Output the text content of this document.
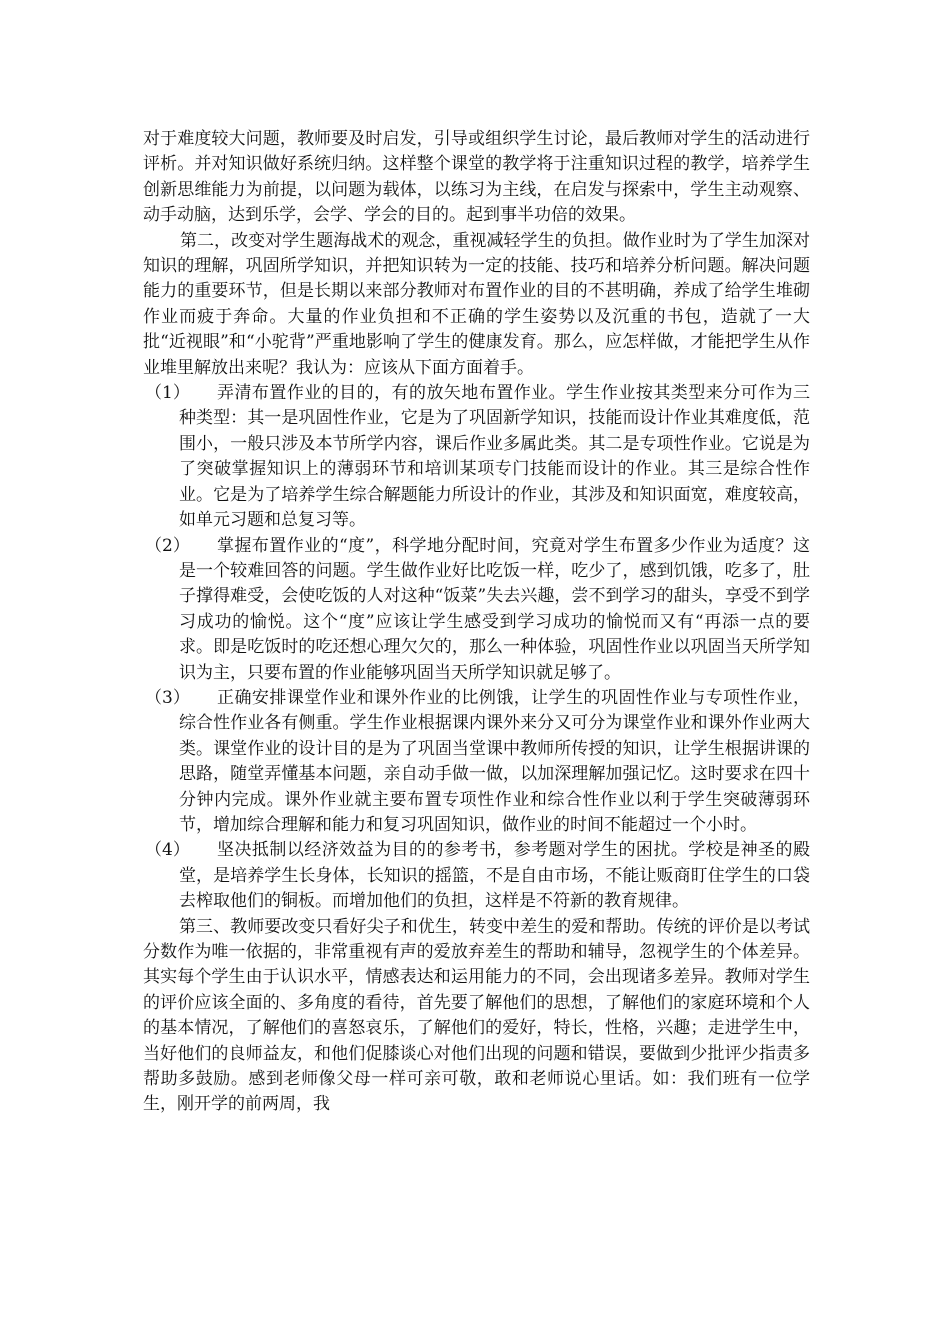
对于难度较大问题，教师要及时启发，引导或组织学生讨论，最后教师对学生的活动进行评析。并对知识做好系统归纳。这样整个课堂的教学将于注重知识过程的教学，培养学生创新思维能力为前提，以问题为载体，以练习为主线，在启发与探索中，学生主动观察、动手动脑，达到乐学，会学、学会的目的。起到事半功倍的效果。

第二，改变对学生题海战术的观念，重视减轻学生的负担。做作业时为了学生加深对知识的理解，巩固所学知识，并把知识转为一定的技能、技巧和培养分析问题。解决问题能力的重要环节，但是长期以来部分教师对布置作业的目的不甚明确，养成了给学生堆砌作业而疲于奔命。大量的作业负担和不正确的学生姿势以及沉重的书包，造就了一大批“近视眼”和“小驼背”严重地影响了学生的健康发育。那么，应怎样做，才能把学生从作业堆里解放出来呢？我认为：应该从下面方面着手。

（1）	弄清布置作业的目的，有的放矢地布置作业。学生作业按其类型来分可作为三种类型：其一是巩固性作业，它是为了巩固新学知识，技能而设计作业其难度低，范围小，一般只涉及本节所学内容，课后作业多属此类。其二是专项性作业。它说是为了突破掌握知识上的薄弱环节和培训某项专门技能而设计的作业。其三是综合性作业。它是为了培养学生综合解题能力所设计的作业，其涉及和知识面宽，难度较高，如单元习题和总复习等。

（2）	掌握布置作业的“度”，科学地分配时间，究竟对学生布置多少作业为适度？这是一个较难回答的问题。学生做作业好比吃饭一样，吃少了，感到饥饿，吃多了，肚子撑得难受，会使吃饭的人对这种“饭菜”失去兴趣，尝不到学习的甜头，享受不到学习成功的愉悦。这个“度”应该让学生感受到学习成功的愉悦而又有“再添一点的要求。即是吃饭时的吃还想心理欠欠的，那么一种体验，巩固性作业以巩固当天所学知识为主，只要布置的作业能够巩固当天所学知识就足够了。

（3）	正确安排课堂作业和课外作业的比例饿，让学生的巩固性作业与专项性作业，综合性作业各有侧重。学生作业根据课内课外来分又可分为课堂作业和课外作业两大类。课堂作业的设计目的是为了巩固当堂课中教师所传授的知识，让学生根据讲课的思路，随堂弄懂基本问题，亲自动手做一做，以加深理解加强记忆。这时要求在四十分钟内完成。课外作业就主要布置专项性作业和综合性作业以利于学生突破薄弱环节，增加综合理解和能力和复习巩固知识，做作业的时间不能超过一个小时。

（4）	坚决抵制以经济效益为目的的参考书，参考题对学生的困扰。学校是神圣的殿堂，是培养学生长身体，长知识的摇篮，不是自由市场，不能让贩商盯住学生的口袋去榨取他们的铜板。而增加他们的负担，这样是不符新的教育规律。

第三、教师要改变只看好尖子和优生，转变中差生的爱和帮助。传统的评价是以考试分数作为唯一依据的，非常重视有声的爱放弃差生的帮助和辅导，忽视学生的个体差异。其实每个学生由于认识水平，情感表达和运用能力的不同，会出现诸多差异。教师对学生的评价应该全面的、多角度的看待，首先要了解他们的思想，了解他们的家庭环境和个人的基本情况，了解他们的喜怒哀乐，了解他们的爱好，特长，性格，兴趣；走进学生中，当好他们的良师益友，和他们促膝谈心对他们出现的问题和错误，要做到少批评少指责多帮助多鼓励。感到老师像父母一样可亲可敬，敢和老师说心里话。如：我们班有一位学生，刚开学的前两周，我
